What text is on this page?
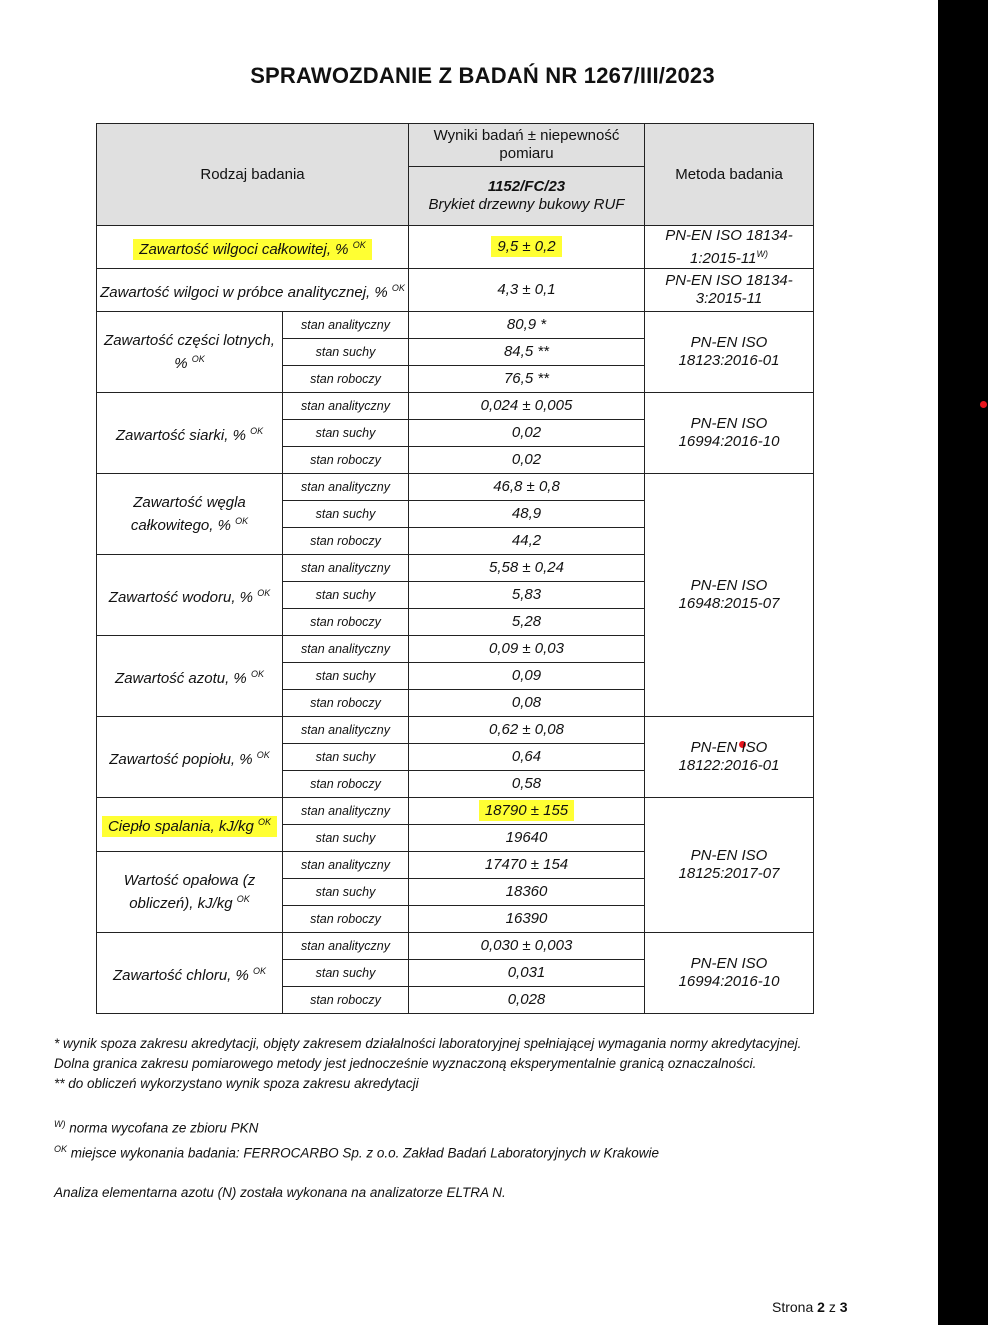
SPRAWOZDANIE Z BADAŃ NR 1267/III/2023
Rodzaj badania		Wyniki badań ± niepewność pomiaru	Metoda badania

		1152/FC/23
Brykiet drzewny bukowy RUF	

Zawartość wilgoci całkowitej, % $^{OK}$		9,5 ± 0,2	PN-EN ISO $18134-1:2015-11^{W)}$
Zawartość wilgoci w próbce analitycznej, % $^{OK}$		4,3 ± 0,1	PN-EN ISO 18134-3:2015-11
Zawartość części lotnych, % $^{OK}$	stan analityczny	80,9 *	PN-EN ISO 18123:2016-01
	stan suchy	84,5 **	
	stan roboczy	76,5 **	
Zawartość siarki, % $^{OK}$	stan analityczny	0,024 ± 0,005	PN-EN ISO 16994:2016-10
	stan suchy	0,02	
	stan roboczy	0,02	
Zawartość węgla całkowitego, % $^{OK}$	stan analityczny	46,8 ± 0,8	PN-EN ISO 16948:2015-07
	stan suchy	48,9	
	stan roboczy	44,2	
Zawartość wodoru, % $^{OK}$	stan analityczny	5,58 ± 0,24	
	stan suchy	5,83	
	stan roboczy	5,28	
Zawartość azotu, % $^{OK}$	stan analityczny	0,09 ± 0,03	
	stan suchy	0,09	
	stan roboczy	0,08	
Zawartość popiołu, % $^{OK}$	stan analityczny	0,62 ± 0,08	PN-EN ISO 18122:2016-01
	stan suchy	0,64	
	stan roboczy	0,58	
Ciepło spalania, kJ/kg $^{OK}$	stan analityczny	18790 ± 155	PN-EN ISO 18125:2017-07
	stan suchy	19640	
Wartość opałowa (z obliczeń), kJ/kg $^{OK}$	stan analityczny	17470 ± 154	
	stan suchy	18360	
	stan roboczy	16390	
Zawartość chloru, % $^{OK}$	stan analityczny	0,030 ± 0,003	PN-EN ISO 16994:2016-10
	stan suchy	0,031	
	stan roboczy	0,028	

* wynik spoza zakresu akredytacji, objęty zakresem działalności laboratoryjnej spełniającej wymagania normy akredytacyjnej.

Dolna granica zakresu pomiarowego metody jest jednocześnie wyznaczoną eksperymentalnie granicą oznaczalności.

** do obliczeń wykorzystano wynik spoza zakresu akredytacji

$^{W)}$ norma wycofana ze zbioru PKN

$^{OK}$ miejsce wykonania badania: FERROCARBO Sp. z o.o. Zakład Badań Laboratoryjnych w Krakowie

Analiza elementarna azotu (N) została wykonana na analizatorze ELTRA N.

Strona 2 z 3
